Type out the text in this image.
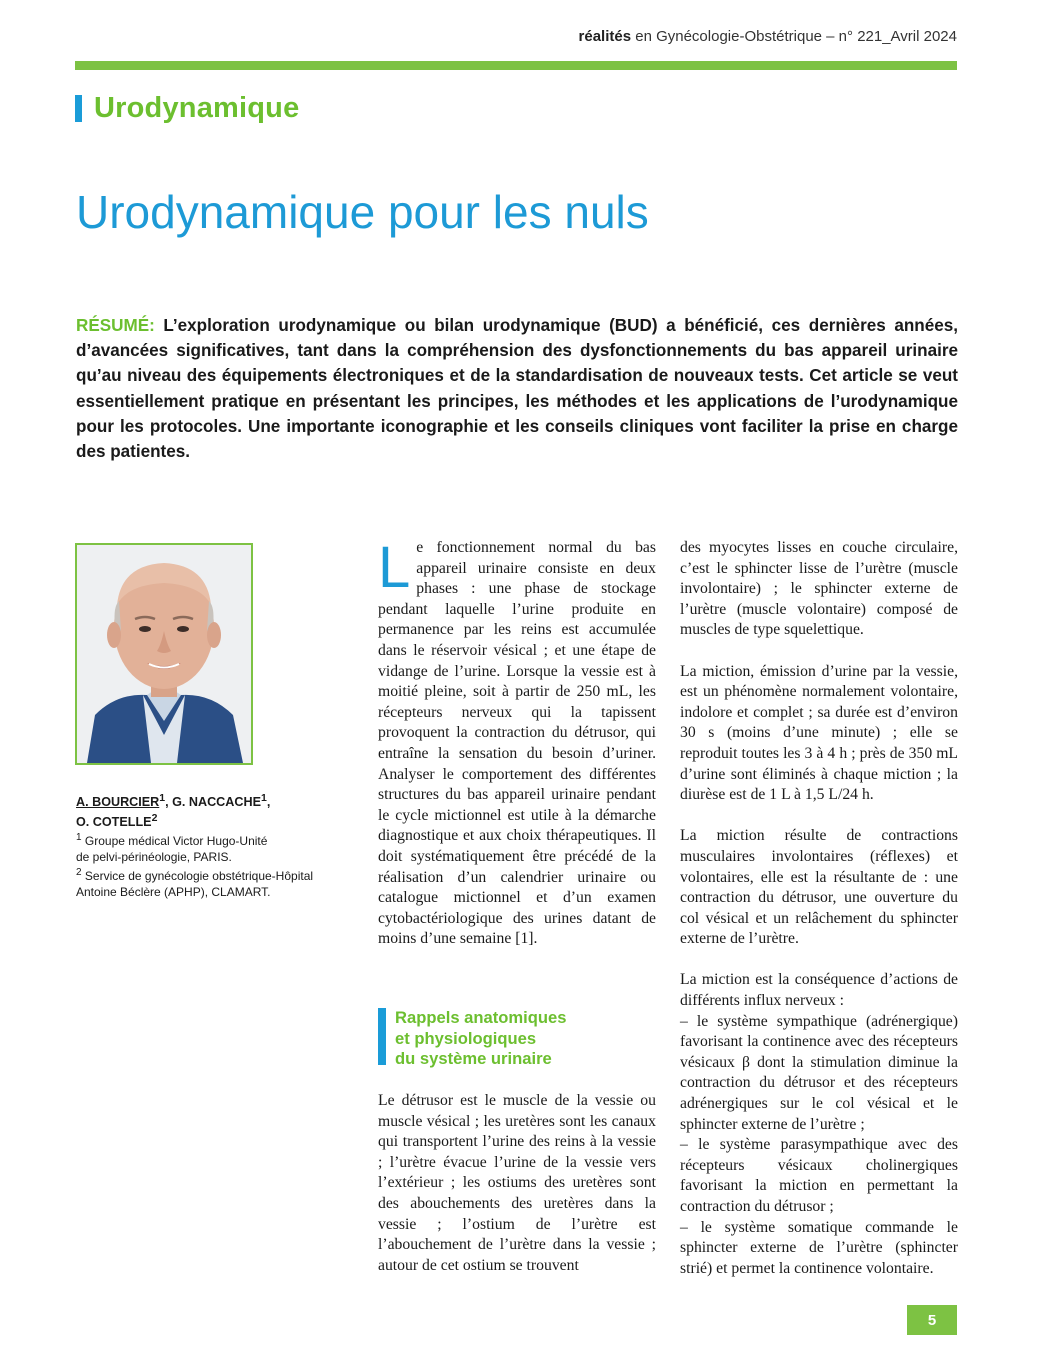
réalités en Gynécologie-Obstétrique – n° 221_Avril 2024
Urodynamique
Urodynamique pour les nuls
RÉSUMÉ: L’exploration urodynamique ou bilan urodynamique (BUD) a bénéficié, ces dernières années, d’avancées significatives, tant dans la compréhension des dysfonctionnements du bas appareil urinaire qu’au niveau des équipements électroniques et de la standardisation de nouveaux tests. Cet article se veut essentiellement pratique en présentant les principes, les méthodes et les applications de l’urodynamique pour les protocoles. Une importante iconographie et les conseils cliniques vont faciliter la prise en charge des patientes.
A. BOURCIER$^1$, G. NACCACHE$^1$,
O. COTELLE$^2$
$^1$ Groupe médical Victor Hugo-Unité
de pelvi-périnéologie, PARIS.
$^2$ Service de gynécologie obstétrique-Hôpital
Antoine Béclère (APHP), CLAMART.

Le fonctionnement normal du bas appareil urinaire consiste en deux phases : une phase de stockage pendant laquelle l’urine produite en permanence par les reins est accumulée dans le réservoir vésical ; et une étape de vidange de l’urine. Lorsque la vessie est à moitié pleine, soit à partir de 250 mL, les récepteurs nerveux qui la tapissent provoquent la contraction du détrusor, qui entraîne la sensation du besoin d’uriner. Analyser le comportement des différentes structures du bas appareil urinaire pendant le cycle mictionnel est utile à la démarche diagnostique et aux choix thérapeutiques. Il doit systématiquement être précédé de la réalisation d’un calendrier urinaire ou catalogue mictionnel et d’un examen cytobactériologique des urines datant de moins d’une semaine [1].

Rappels anatomiques
et physiologiques
du système urinaire

Le détrusor est le muscle de la vessie ou muscle vésical ; les uretères sont les canaux qui transportent l’urine des reins à la vessie ; l’urètre évacue l’urine de la vessie vers l’extérieur ; les ostiums des uretères sont des abouchements des uretères dans la vessie ; l’ostium de l’urètre est l’abouchement de l’urètre dans la vessie ; autour de cet ostium se trouvent

des myocytes lisses en couche circulaire, c’est le sphincter lisse de l’urètre (muscle involontaire) ; le sphincter externe de l’urètre (muscle volontaire) composé de muscles de type squelettique.

La miction, émission d’urine par la vessie, est un phénomène normalement volontaire, indolore et complet ; sa durée est d’environ 30 s (moins d’une minute) ; elle se reproduit toutes les 3 à 4 h ; près de 350 mL d’urine sont éliminés à chaque miction ; la diurèse est de 1 L à 1,5 L/24 h.

La miction résulte de contractions musculaires involontaires (réflexes) et volontaires, elle est la résultante de : une contraction du détrusor, une ouverture du col vésical et un relâchement du sphincter externe de l’urètre.

La miction est la conséquence d’actions de différents influx nerveux :
– le système sympathique (adrénergique) favorisant la continence avec des récepteurs vésicaux β dont la stimulation diminue la contraction du détrusor et des récepteurs adrénergiques sur le col vésical et le sphincter externe de l’urètre ;
– le système parasympathique avec des récepteurs vésicaux cholinergiques favorisant la miction en permettant la contraction du détrusor ;
– le système somatique commande le sphincter externe de l’urètre (sphincter strié) et permet la continence volontaire.

5
